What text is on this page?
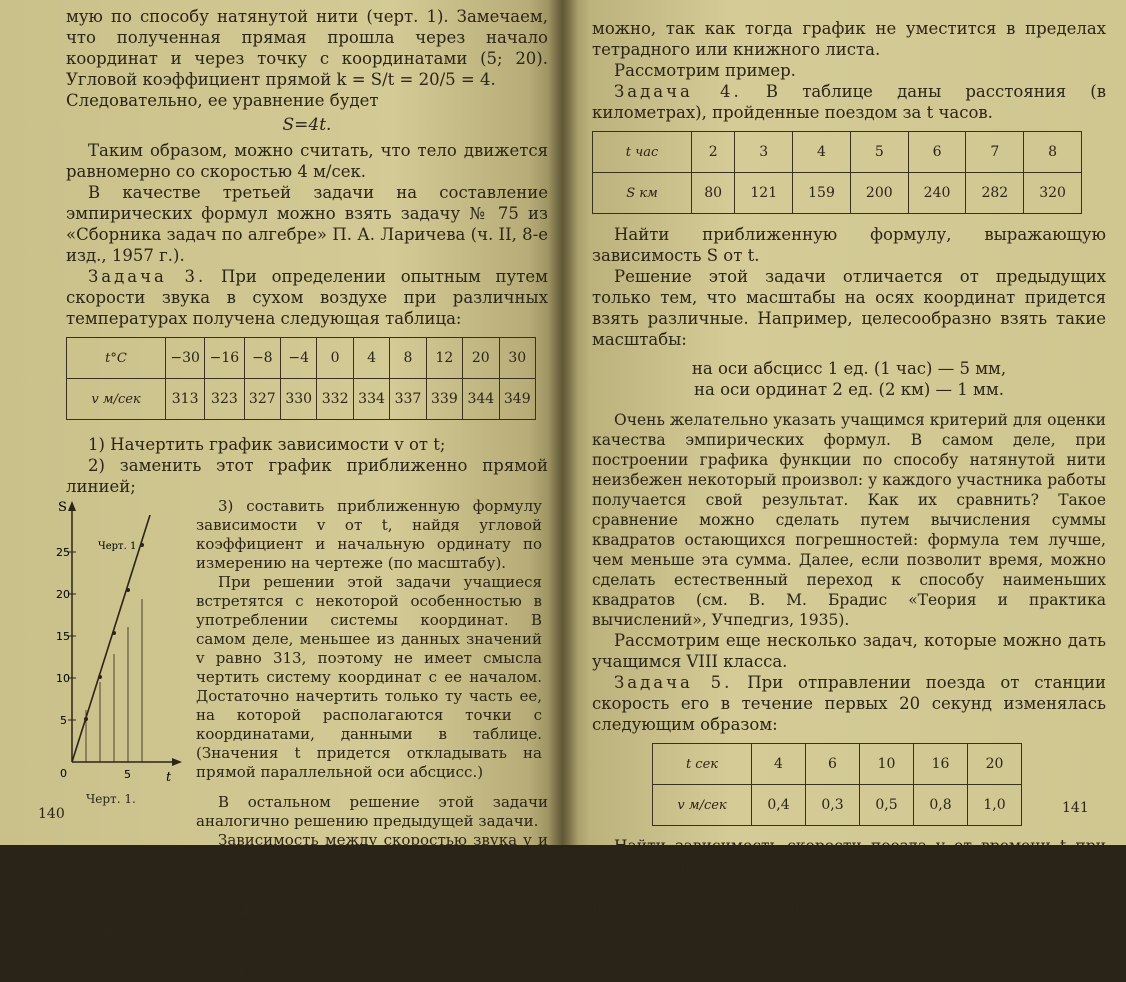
мую по способу натянутой нити (черт. 1). Замечаем, что полученная прямая прошла через начало координат и через точку с координатами (5; 20). Угловой коэффициент прямой k = S/t = 20/5 = 4.

Следовательно, ее уравнение будет

S=4t.

Таким образом, можно считать, что тело движется равномерно со скоростью 4 м/сек.

В качестве третьей задачи на составление эмпирических формул можно взять задачу № 75 из «Сборника задач по алгебре» П. А. Ларичева (ч. II, 8-е изд., 1957 г.).

Задача 3. При определении опытным путем скорости звука в сухом воздухе при различных температурах получена следующая таблица:

t°C	−30	−16	−8	−4	0	4	8	12	20	30
v м/сек	313	323	327	330	332	334	337	339	344	349

1) Начертить график зависимости v от t;

2) заменить этот график приближенно прямой линией;

S
t
0
5
10
15
20
25
5
Черт. 1

Черт. 1.

3) составить приближенную формулу зависимости v от t, найдя угловой коэффициент и начальную ординату по измерению на чертеже (по масштабу).

При решении этой задачи учащиеся встретятся с некоторой особенностью в употреблении системы координат. В самом деле, меньшее из данных значений v равно 313, поэтому не имеет смысла чертить систему координат с ее началом. Достаточно начертить только ту часть ее, на которой располагаются точки с координатами, данными в таблице. (Значения t придется откладывать на прямой параллельной оси абсцисс.)

В остальном решение этой задачи аналогично решению предыдущей задачи.

Зависимость между скоростью звука v и температурой воздуха t выразится в виде:

v=0,6t+332.

Решая данные задачи, учащиеся брали одинаковые масштабы на осях координат, но это невсегда удобно. Нередко случается, что одинаковые масштабы на осях координат взять просто невоз-

140

можно, так как тогда график не уместится в пределах тетрадного или книжного листа.

Рассмотрим пример.

Задача 4. В таблице даны расстояния (в километрах), пройденные поездом за t часов.

t час	2	3	4	5	6	7	8
S км	80	121	159	200	240	282	320

Найти приближенную формулу, выражающую зависимость S от t.

Решение этой задачи отличается от предыдущих только тем, что масштабы на осях координат придется взять различные. Например, целесообразно взять такие масштабы:

на оси абсцисс 1 ед. (1 час) — 5 мм,

на оси ординат 2 ед. (2 км) — 1 мм.

Очень желательно указать учащимся критерий для оценки качества эмпирических формул. В самом деле, при построении графика функции по способу натянутой нити неизбежен некоторый произвол: у каждого участника работы получается свой результат. Как их сравнить? Такое сравнение можно сделать путем вычисления суммы квадратов остающихся погрешностей: формула тем лучше, чем меньше эта сумма. Далее, если позволит время, можно сделать естественный переход к способу наименьших квадратов (см. В. М. Брадис «Теория и практика вычислений», Учпедгиз, 1935).

Рассмотрим еще несколько задач, которые можно дать учащимся VIII класса.

Задача 5. При отправлении поезда от станции скорость его в течение первых 20 секунд изменялась следующим образом:

t сек	4	6	10	16	20
v м/сек	0,4	0,3	0,5	0,8	1,0

Найти зависимость скорости поезда v от времени t при движении поезда в течение этих 20 секунд.

Задача 6. Тело брошено вертикально вверх. По приведенным в таблице данным установить формулу зависимости его скорости v от времени t.

141
